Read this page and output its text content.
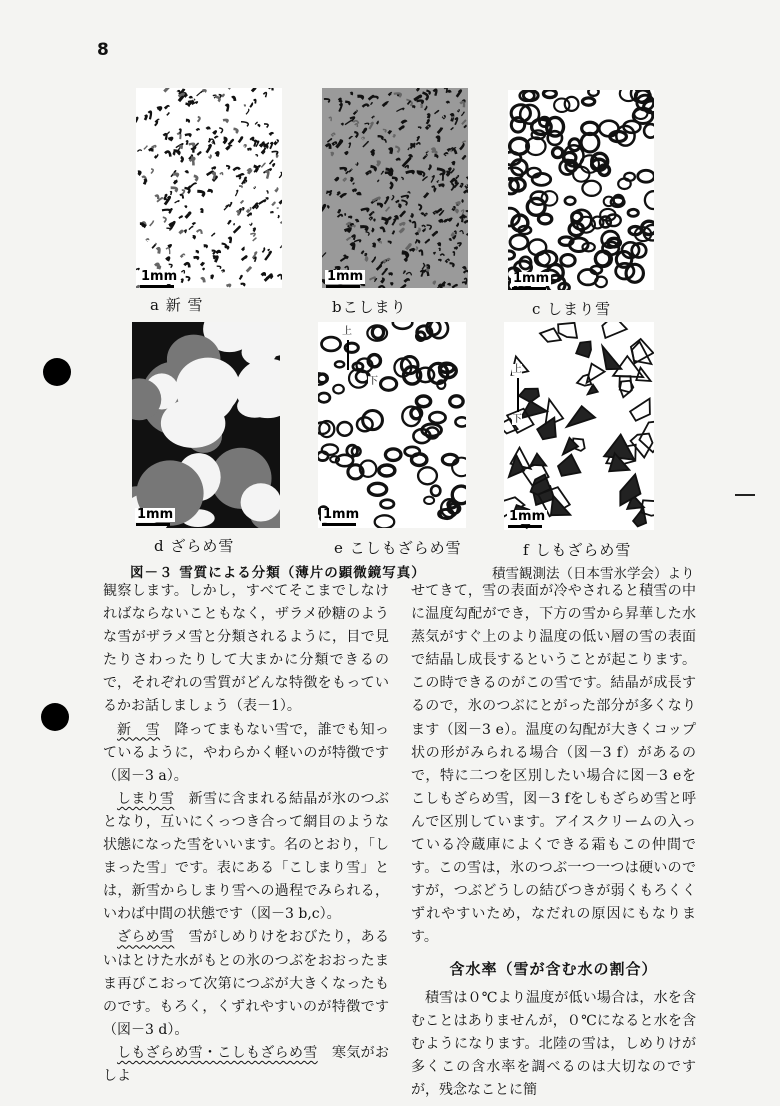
8
1mm	1mm	1mm
1mm	1mm	1mm
上
下
上
下
a 新 雪	bこしまり	c しまり雪
d ざらめ雪	e こしもざらめ雪	f しもざらめ雪
図－３ 雪質による分類（薄片の顕微鏡写真）	積雪観測法（日本雪氷学会）より

観察します。しかし，すべてそこまでしなければならないこともなく，ザラメ砂糖のような雪がザラメ雪と分類されるように，目で見たりさわったりして大まかに分類できるので，それぞれの雪質がどんな特徴をもっているかお話しましょう（表－1）。

新　雪　降ってまもない雪で，誰でも知っているように，やわらかく軽いのが特徴です（図－3 a）。

しまり雪　新雪に含まれる結晶が氷のつぶとなり，互いにくっつき合って網目のような状態になった雪をいいます。名のとおり，「しまった雪」です。表にある「こしまり雪」とは，新雪からしまり雪への過程でみられる，いわば中間の状態です（図－3 b,c）。

ざらめ雪　雪がしめりけをおびたり，あるいはとけた水がもとの氷のつぶをおおったまま再びこおって次第につぶが大きくなったものです。もろく，くずれやすいのが特徴です（図－3 d）。

しもざらめ雪・こしもざらめ雪　寒気がおしよ

せてきて，雪の表面が冷やされると積雪の中に温度勾配ができ，下方の雪から昇華した水蒸気がすぐ上のより温度の低い層の雪の表面で結晶し成長するということが起こります。この時できるのがこの雪です。結晶が成長するので，氷のつぶにとがった部分が多くなります（図－3 e）。温度の勾配が大きくコップ状の形がみられる場合（図－3 f）があるので，特に二つを区別したい場合に図－3 eをこしもざらめ雪，図－3 fをしもざらめ雪と呼んで区別しています。アイスクリームの入っている冷蔵庫によくできる霜もこの仲間です。この雪は，氷のつぶ一つ一つは硬いのですが，つぶどうしの結びつきが弱くもろくくずれやすいため，なだれの原因にもなります。

含水率（雪が含む水の割合）

積雪は０℃より温度が低い場合は，水を含むことはありませんが，０℃になると水を含むようになります。北陸の雪は，しめりけが多くこの含水率を調べるのは大切なのですが，残念なことに簡
